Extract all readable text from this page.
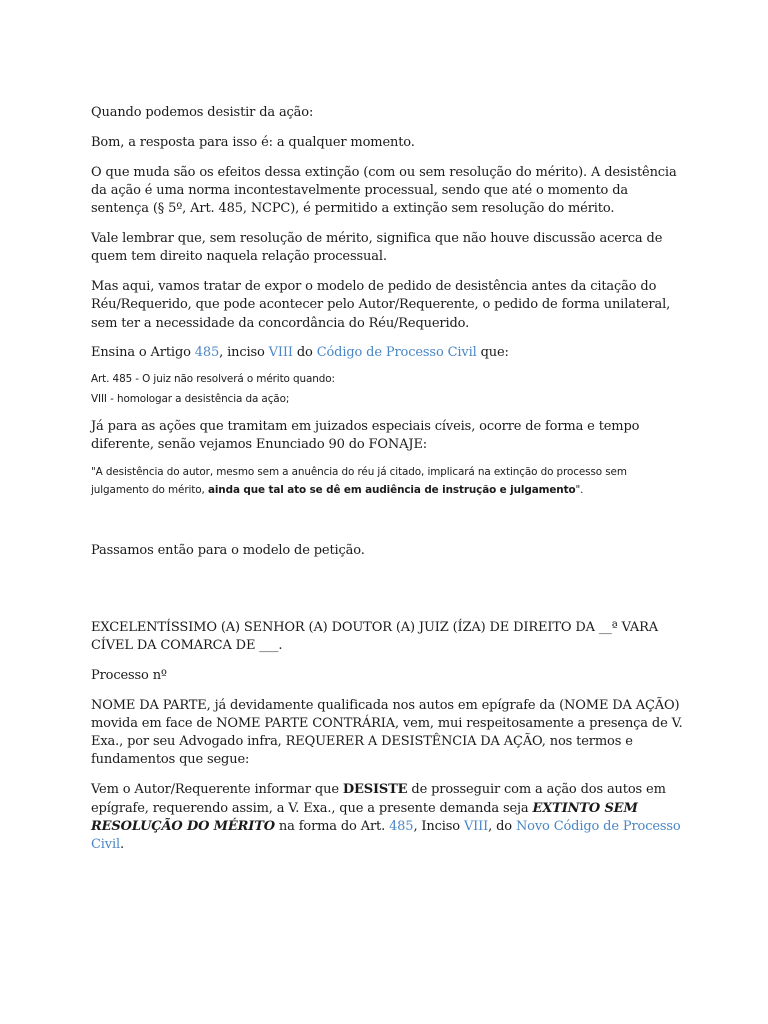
Quando podemos desistir da ação:

Bom, a resposta para isso é: a qualquer momento.

O que muda são os efeitos dessa extinção (com ou sem resolução do mérito). A desistência da ação é uma norma incontestavelmente processual, sendo que até o momento da sentença (§ 5º, Art. 485, NCPC), é permitido a extinção sem resolução do mérito.

Vale lembrar que, sem resolução de mérito, significa que não houve discussão acerca de quem tem direito naquela relação processual.

Mas aqui, vamos tratar de expor o modelo de pedido de desistência antes da citação do Réu/Requerido, que pode acontecer pelo Autor/Requerente, o pedido de forma unilateral, sem ter a necessidade da concordância do Réu/Requerido.

Ensina o Artigo 485, inciso VIII do Código de Processo Civil que:

Art. 485 - O juiz não resolverá o mérito quando:

VIII - homologar a desistência da ação;

Já para as ações que tramitam em juizados especiais cíveis, ocorre de forma e tempo diferente, senão vejamos Enunciado 90 do FONAJE:

"A desistência do autor, mesmo sem a anuência do réu já citado, implicará na extinção do processo sem julgamento do mérito, ainda que tal ato se dê em audiência de instrução e julgamento".

Passamos então para o modelo de petição.

EXCELENTÍSSIMO (A) SENHOR (A) DOUTOR (A) JUIZ (ÍZA) DE DIREITO DA __ª VARA CÍVEL DA COMARCA DE ___.

Processo nº

NOME DA PARTE, já devidamente qualificada nos autos em epígrafe da (NOME DA AÇÃO) movida em face de NOME PARTE CONTRÁRIA, vem, mui respeitosamente a presença de V. Exa., por seu Advogado infra, REQUERER A DESISTÊNCIA DA AÇÃO, nos termos e fundamentos que segue:

Vem o Autor/Requerente informar que DESISTE de prosseguir com a ação dos autos em epígrafe, requerendo assim, a V. Exa., que a presente demanda seja EXTINTO SEM RESOLUÇÃO DO MÉRITO na forma do Art. 485, Inciso VIII, do Novo Código de Processo Civil.
